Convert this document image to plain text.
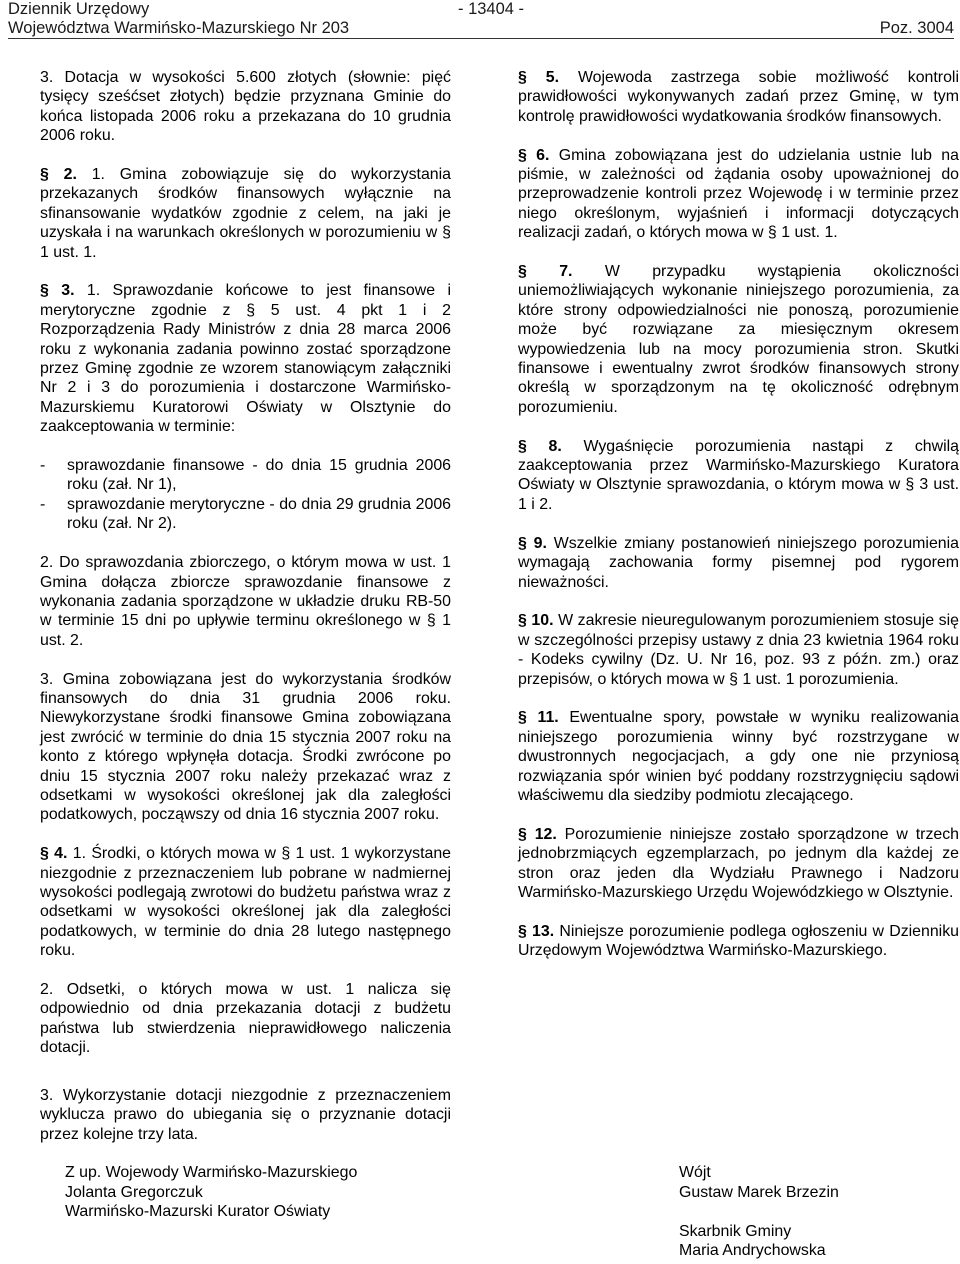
Dziennik Urzędowy
Województwa Warmińsko-Mazurskiego Nr 203
- 13404 -
Poz. 3004

3. Dotacja w wysokości 5.600 złotych (słownie: pięć tysięcy sześćset złotych) będzie przyznana Gminie do końca listopada 2006 roku a przekazana do 10 grudnia 2006 roku.

§ 2. 1. Gmina zobowiązuje się do wykorzystania przekazanych środków finansowych wyłącznie na sfinansowanie wydatków zgodnie z celem, na jaki je uzyskała i na warunkach określonych w porozumieniu w § 1 ust. 1.

§ 3. 1. Sprawozdanie końcowe to jest finansowe i merytoryczne zgodnie z § 5 ust. 4 pkt 1 i 2 Rozporządzenia Rady Ministrów z dnia 28 marca 2006 roku z wykonania zadania powinno zostać sporządzone przez Gminę zgodnie ze wzorem stanowiącym załączniki Nr 2 i 3 do porozumienia i dostarczone Warmińsko-Mazurskiemu Kuratorowi Oświaty w Olsztynie do zaakceptowania w terminie:

-	sprawozdanie finansowe - do dnia 15 grudnia 2006 roku (zał. Nr 1),
-	sprawozdanie merytoryczne - do dnia 29 grudnia 2006 roku (zał. Nr 2).

2. Do sprawozdania zbiorczego, o którym mowa w ust. 1 Gmina dołącza zbiorcze sprawozdanie finansowe z wykonania zadania sporządzone w układzie druku RB-50 w terminie 15 dni po upływie terminu określonego w § 1 ust. 2.

3. Gmina zobowiązana jest do wykorzystania środków finansowych do dnia 31 grudnia 2006 roku. Niewykorzystane środki finansowe Gmina zobowiązana jest zwrócić w terminie do dnia 15 stycznia 2007 roku na konto z którego wpłynęła dotacja. Środki zwrócone po dniu 15 stycznia 2007 roku należy przekazać wraz z odsetkami w wysokości określonej jak dla zaległości podatkowych, począwszy od dnia 16 stycznia 2007 roku.

§ 4. 1. Środki, o których mowa w § 1 ust. 1 wykorzystane niezgodnie z przeznaczeniem lub pobrane w nadmiernej wysokości podlegają zwrotowi do budżetu państwa wraz z odsetkami w wysokości określonej jak dla zaległości podatkowych, w terminie do dnia 28 lutego następnego roku.

2. Odsetki, o których mowa w ust. 1 nalicza się odpowiednio od dnia przekazania dotacji z budżetu państwa lub stwierdzenia nieprawidłowego naliczenia dotacji.

§ 5. Wojewoda zastrzega sobie możliwość kontroli prawidłowości wykonywanych zadań przez Gminę, w tym kontrolę prawidłowości wydatkowania środków finansowych.

§ 6. Gmina zobowiązana jest do udzielania ustnie lub na piśmie, w zależności od żądania osoby upoważnionej do przeprowadzenie kontroli przez Wojewodę i w terminie przez niego określonym, wyjaśnień i informacji dotyczących realizacji zadań, o których mowa w § 1 ust. 1.

§ 7. W przypadku wystąpienia okoliczności uniemożliwiających wykonanie niniejszego porozumienia, za które strony odpowiedzialności nie ponoszą, porozumienie może być rozwiązane za miesięcznym okresem wypowiedzenia lub na mocy porozumienia stron. Skutki finansowe i ewentualny zwrot środków finansowych strony określą w sporządzonym na tę okoliczność odrębnym porozumieniu.

§ 8. Wygaśnięcie porozumienia nastąpi z chwilą zaakceptowania przez Warmińsko-Mazurskiego Kuratora Oświaty w Olsztynie sprawozdania, o którym mowa w § 3 ust. 1 i 2.

§ 9. Wszelkie zmiany postanowień niniejszego porozumienia wymagają zachowania formy pisemnej pod rygorem nieważności.

§ 10. W zakresie nieuregulowanym porozumieniem stosuje się w szczególności przepisy ustawy z dnia 23 kwietnia 1964 roku - Kodeks cywilny (Dz. U. Nr 16, poz. 93 z późn. zm.) oraz przepisów, o których mowa w § 1 ust. 1 porozumienia.

§ 11. Ewentualne spory, powstałe w wyniku realizowania niniejszego porozumienia winny być rozstrzygane w dwustronnych negocjacjach, a gdy one nie przyniosą rozwiązania spór winien być poddany rozstrzygnięciu sądowi właściwemu dla siedziby podmiotu zlecającego.

§ 12. Porozumienie niniejsze zostało sporządzone w trzech jednobrzmiących egzemplarzach, po jednym dla każdej ze stron oraz jeden dla Wydziału Prawnego i Nadzoru Warmińsko-Mazurskiego Urzędu Wojewódzkiego w Olsztynie.

§ 13. Niniejsze porozumienie podlega ogłoszeniu w Dzienniku Urzędowym Województwa Warmińsko-Mazurskiego.

3. Wykorzystanie dotacji niezgodnie z przeznaczeniem wyklucza prawo do ubiegania się o przyznanie dotacji przez kolejne trzy lata.

Z up. Wojewody Warmińsko-Mazurskiego
Jolanta Gregorczuk
Warmińsko-Mazurski Kurator Oświaty
Wójt
Gustaw Marek Brzezin
Skarbnik Gminy
Maria Andrychowska
